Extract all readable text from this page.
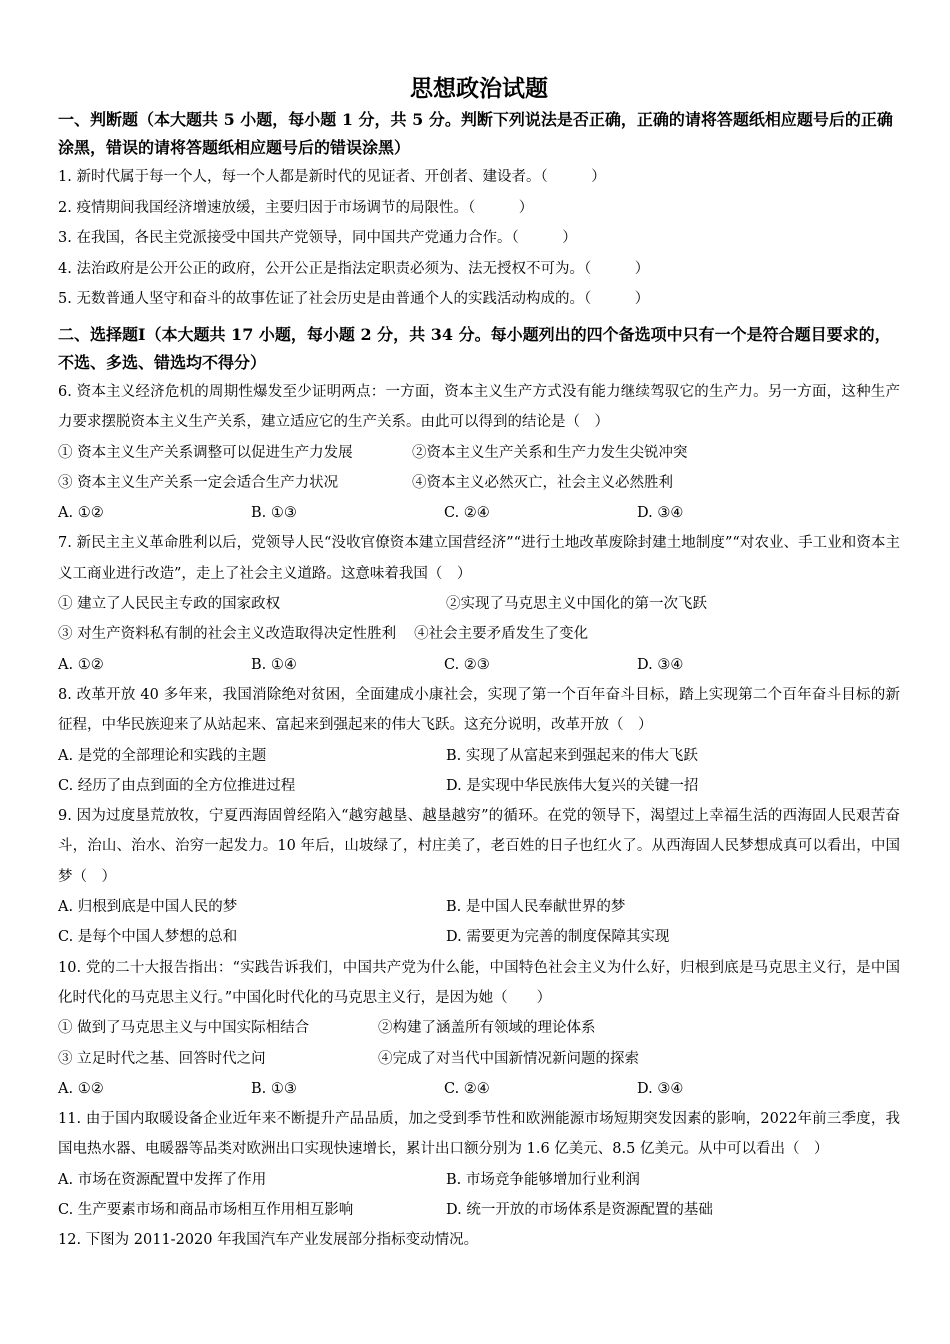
思想政治试题

一、判断题（本大题共 5 小题，每小题 1 分，共 5 分。判断下列说法是否正确，正确的请将答题纸相应题号后的正确涂黑，错误的请将答题纸相应题号后的错误涂黑）

1. 新时代属于每一个人，每一个人都是新时代的见证者、开创者、建设者。（　　　）

2. 疫情期间我国经济增速放缓，主要归因于市场调节的局限性。（　　　）

3. 在我国，各民主党派接受中国共产党领导，同中国共产党通力合作。（　　　）

4. 法治政府是公开公正的政府，公开公正是指法定职责必须为、法无授权不可为。（　　　）

5. 无数普通人坚守和奋斗的故事佐证了社会历史是由普通个人的实践活动构成的。（　　　）

二、选择题Ⅰ（本大题共 17 小题，每小题 2 分，共 34 分。每小题列出的四个备选项中只有一个是符合题目要求的，不选、多选、错选均不得分）

6. 资本主义经济危机的周期性爆发至少证明两点：一方面，资本主义生产方式没有能力继续驾驭它的生产力。另一方面，这种生产力要求摆脱资本主义生产关系，建立适应它的生产关系。由此可以得到的结论是（　）

① 资本主义生产关系调整可以促进生产力发展	②资本主义生产关系和生产力发生尖锐冲突
③ 资本主义生产关系一定会适合生产力状况	④资本主义必然灭亡，社会主义必然胜利
A. ①②	B. ①③	C. ②④	D. ③④

7. 新民主主义革命胜利以后，党领导人民“没收官僚资本建立国营经济”“进行土地改革废除封建土地制度”“对农业、手工业和资本主义工商业进行改造”，走上了社会主义道路。这意味着我国（　）

① 建立了人民民主专政的国家政权	②实现了马克思主义中国化的第一次飞跃
③ 对生产资料私有制的社会主义改造取得决定性胜利 ④社会主要矛盾发生了变化
A. ①②	B. ①④	C. ②③	D. ③④

8. 改革开放 40 多年来，我国消除绝对贫困，全面建成小康社会，实现了第一个百年奋斗目标，踏上实现第二个百年奋斗目标的新征程，中华民族迎来了从站起来、富起来到强起来的伟大飞跃。这充分说明，改革开放（　）

A. 是党的全部理论和实践的主题	B. 实现了从富起来到强起来的伟大飞跃
C. 经历了由点到面的全方位推进过程	D. 是实现中华民族伟大复兴的关键一招

9. 因为过度垦荒放牧，宁夏西海固曾经陷入“越穷越垦、越垦越穷”的循环。在党的领导下，渴望过上幸福生活的西海固人民艰苦奋斗，治山、治水、治穷一起发力。10 年后，山坡绿了，村庄美了，老百姓的日子也红火了。从西海固人民梦想成真可以看出，中国梦（　）

A. 归根到底是中国人民的梦	B. 是中国人民奉献世界的梦
C. 是每个中国人梦想的总和	D. 需要更为完善的制度保障其实现

10. 党的二十大报告指出：“实践告诉我们，中国共产党为什么能，中国特色社会主义为什么好，归根到底是马克思主义行，是中国化时代化的马克思主义行。”中国化时代化的马克思主义行，是因为她（　　）

① 做到了马克思主义与中国实际相结合	②构建了涵盖所有领域的理论体系
③ 立足时代之基、回答时代之问	④完成了对当代中国新情况新问题的探索
A. ①②	B. ①③	C. ②④	D. ③④

11. 由于国内取暖设备企业近年来不断提升产品品质，加之受到季节性和欧洲能源市场短期突发因素的影响，2022年前三季度，我国电热水器、电暖器等品类对欧洲出口实现快速增长，累计出口额分别为 1.6 亿美元、8.5 亿美元。从中可以看出（　）

A. 市场在资源配置中发挥了作用	B. 市场竞争能够增加行业利润
C. 生产要素市场和商品市场相互作用相互影响	D. 统一开放的市场体系是资源配置的基础

12. 下图为 2011-2020 年我国汽车产业发展部分指标变动情况。
